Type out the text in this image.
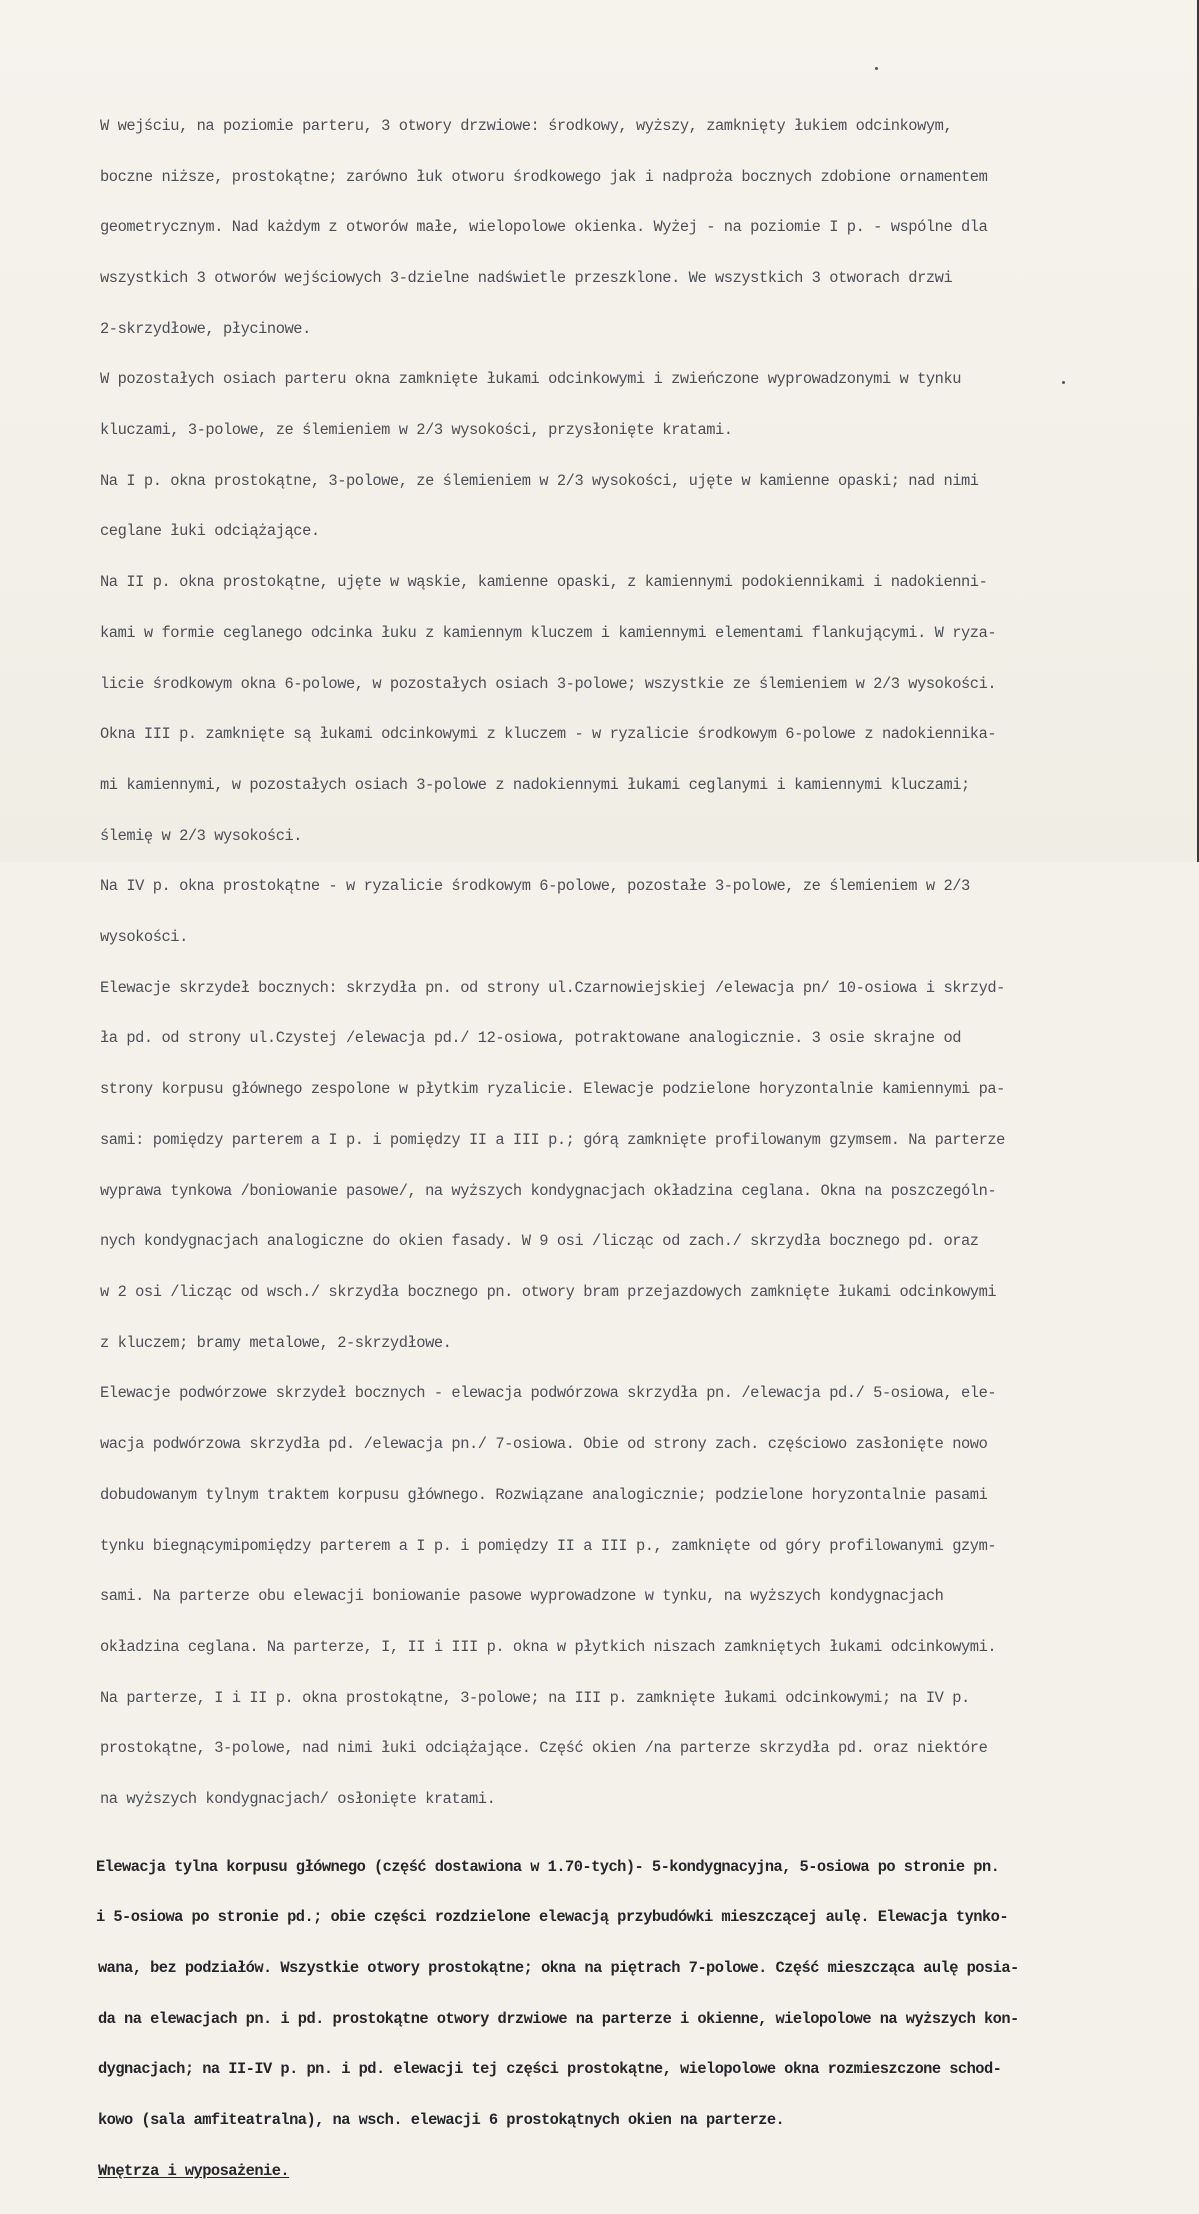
W wejściu, na poziomie parteru, 3 otwory drzwiowe: środkowy, wyższy, zamknięty łukiem odcinkowym,

boczne niższe, prostokątne; zarówno łuk otworu środkowego jak i nadproża bocznych zdobione ornamentem

geometrycznym. Nad każdym z otworów małe, wielopolowe okienka. Wyżej - na poziomie I p. - wspólne dla

wszystkich 3 otworów wejściowych 3-dzielne nadświetle przeszklone. We wszystkich 3 otworach drzwi

2-skrzydłowe, płycinowe.

W pozostałych osiach parteru okna zamknięte łukami odcinkowymi i zwieńczone wyprowadzonymi w tynku

kluczami, 3-polowe, ze ślemieniem w 2/3 wysokości, przysłonięte kratami.

Na I p. okna prostokątne, 3-polowe, ze ślemieniem w 2/3 wysokości, ujęte w kamienne opaski; nad nimi

ceglane łuki odciążające.

Na II p. okna prostokątne, ujęte w wąskie, kamienne opaski, z kamiennymi podokiennikami i nadokienni-

kami w formie ceglanego odcinka łuku z kamiennym kluczem i kamiennymi elementami flankującymi. W ryza-

licie środkowym okna 6-polowe, w pozostałych osiach 3-polowe; wszystkie ze ślemieniem w 2/3 wysokości.

Okna III p. zamknięte są łukami odcinkowymi z kluczem - w ryzalicie środkowym 6-polowe z nadokiennika-

mi kamiennymi, w pozostałych osiach 3-polowe z nadokiennymi łukami ceglanymi i kamiennymi kluczami;

ślemię w 2/3 wysokości.

Na IV p. okna prostokątne - w ryzalicie środkowym 6-polowe, pozostałe 3-polowe, ze ślemieniem w 2/3

wysokości.

Elewacje skrzydeł bocznych: skrzydła pn. od strony ul.Czarnowiejskiej /elewacja pn/ 10-osiowa i skrzyd-

ła pd. od strony ul.Czystej /elewacja pd./ 12-osiowa, potraktowane analogicznie. 3 osie skrajne od

strony korpusu głównego zespolone w płytkim ryzalicie. Elewacje podzielone horyzontalnie kamiennymi pa-

sami: pomiędzy parterem a I p. i pomiędzy II a III p.; górą zamknięte profilowanym gzymsem. Na parterze

wyprawa tynkowa /boniowanie pasowe/, na wyższych kondygnacjach okładzina ceglana. Okna na poszczególn-

nych kondygnacjach analogiczne do okien fasady. W 9 osi /licząc od zach./ skrzydła bocznego pd. oraz

w 2 osi /licząc od wsch./ skrzydła bocznego pn. otwory bram przejazdowych zamknięte łukami odcinkowymi

z kluczem; bramy metalowe, 2-skrzydłowe.

Elewacje podwórzowe skrzydeł bocznych - elewacja podwórzowa skrzydła pn. /elewacja pd./ 5-osiowa, ele-

wacja podwórzowa skrzydła pd. /elewacja pn./ 7-osiowa. Obie od strony zach. częściowo zasłonięte nowo

dobudowanym tylnym traktem korpusu głównego. Rozwiązane analogicznie; podzielone horyzontalnie pasami

tynku biegnącymipomiędzy parterem a I p. i pomiędzy II a III p., zamknięte od góry profilowanymi gzym-

sami. Na parterze obu elewacji boniowanie pasowe wyprowadzone w tynku, na wyższych kondygnacjach

okładzina ceglana. Na parterze, I, II i III p. okna w płytkich niszach zamkniętych łukami odcinkowymi.

Na parterze, I i II p. okna prostokątne, 3-polowe; na III p. zamknięte łukami odcinkowymi; na IV p.

prostokątne, 3-polowe, nad nimi łuki odciążające. Część okien /na parterze skrzydła pd. oraz niektóre

na wyższych kondygnacjach/ osłonięte kratami.

Elewacja tylna korpusu głównego (część dostawiona w 1.70-tych)- 5-kondygnacyjna, 5-osiowa po stronie pn.

i 5-osiowa po stronie pd.; obie części rozdzielone elewacją przybudówki mieszczącej aulę. Elewacja tynko-

wana, bez podziałów. Wszystkie otwory prostokątne; okna na piętrach 7-polowe. Część mieszcząca aulę posia-

da na elewacjach pn. i pd. prostokątne otwory drzwiowe na parterze i okienne, wielopolowe na wyższych kon-

dygnacjach; na II-IV p. pn. i pd. elewacji tej części prostokątne, wielopolowe okna rozmieszczone schod-

kowo (sala amfiteatralna), na wsch. elewacji 6 prostokątnych okien na parterze.

Wnętrza i wyposażenie.
